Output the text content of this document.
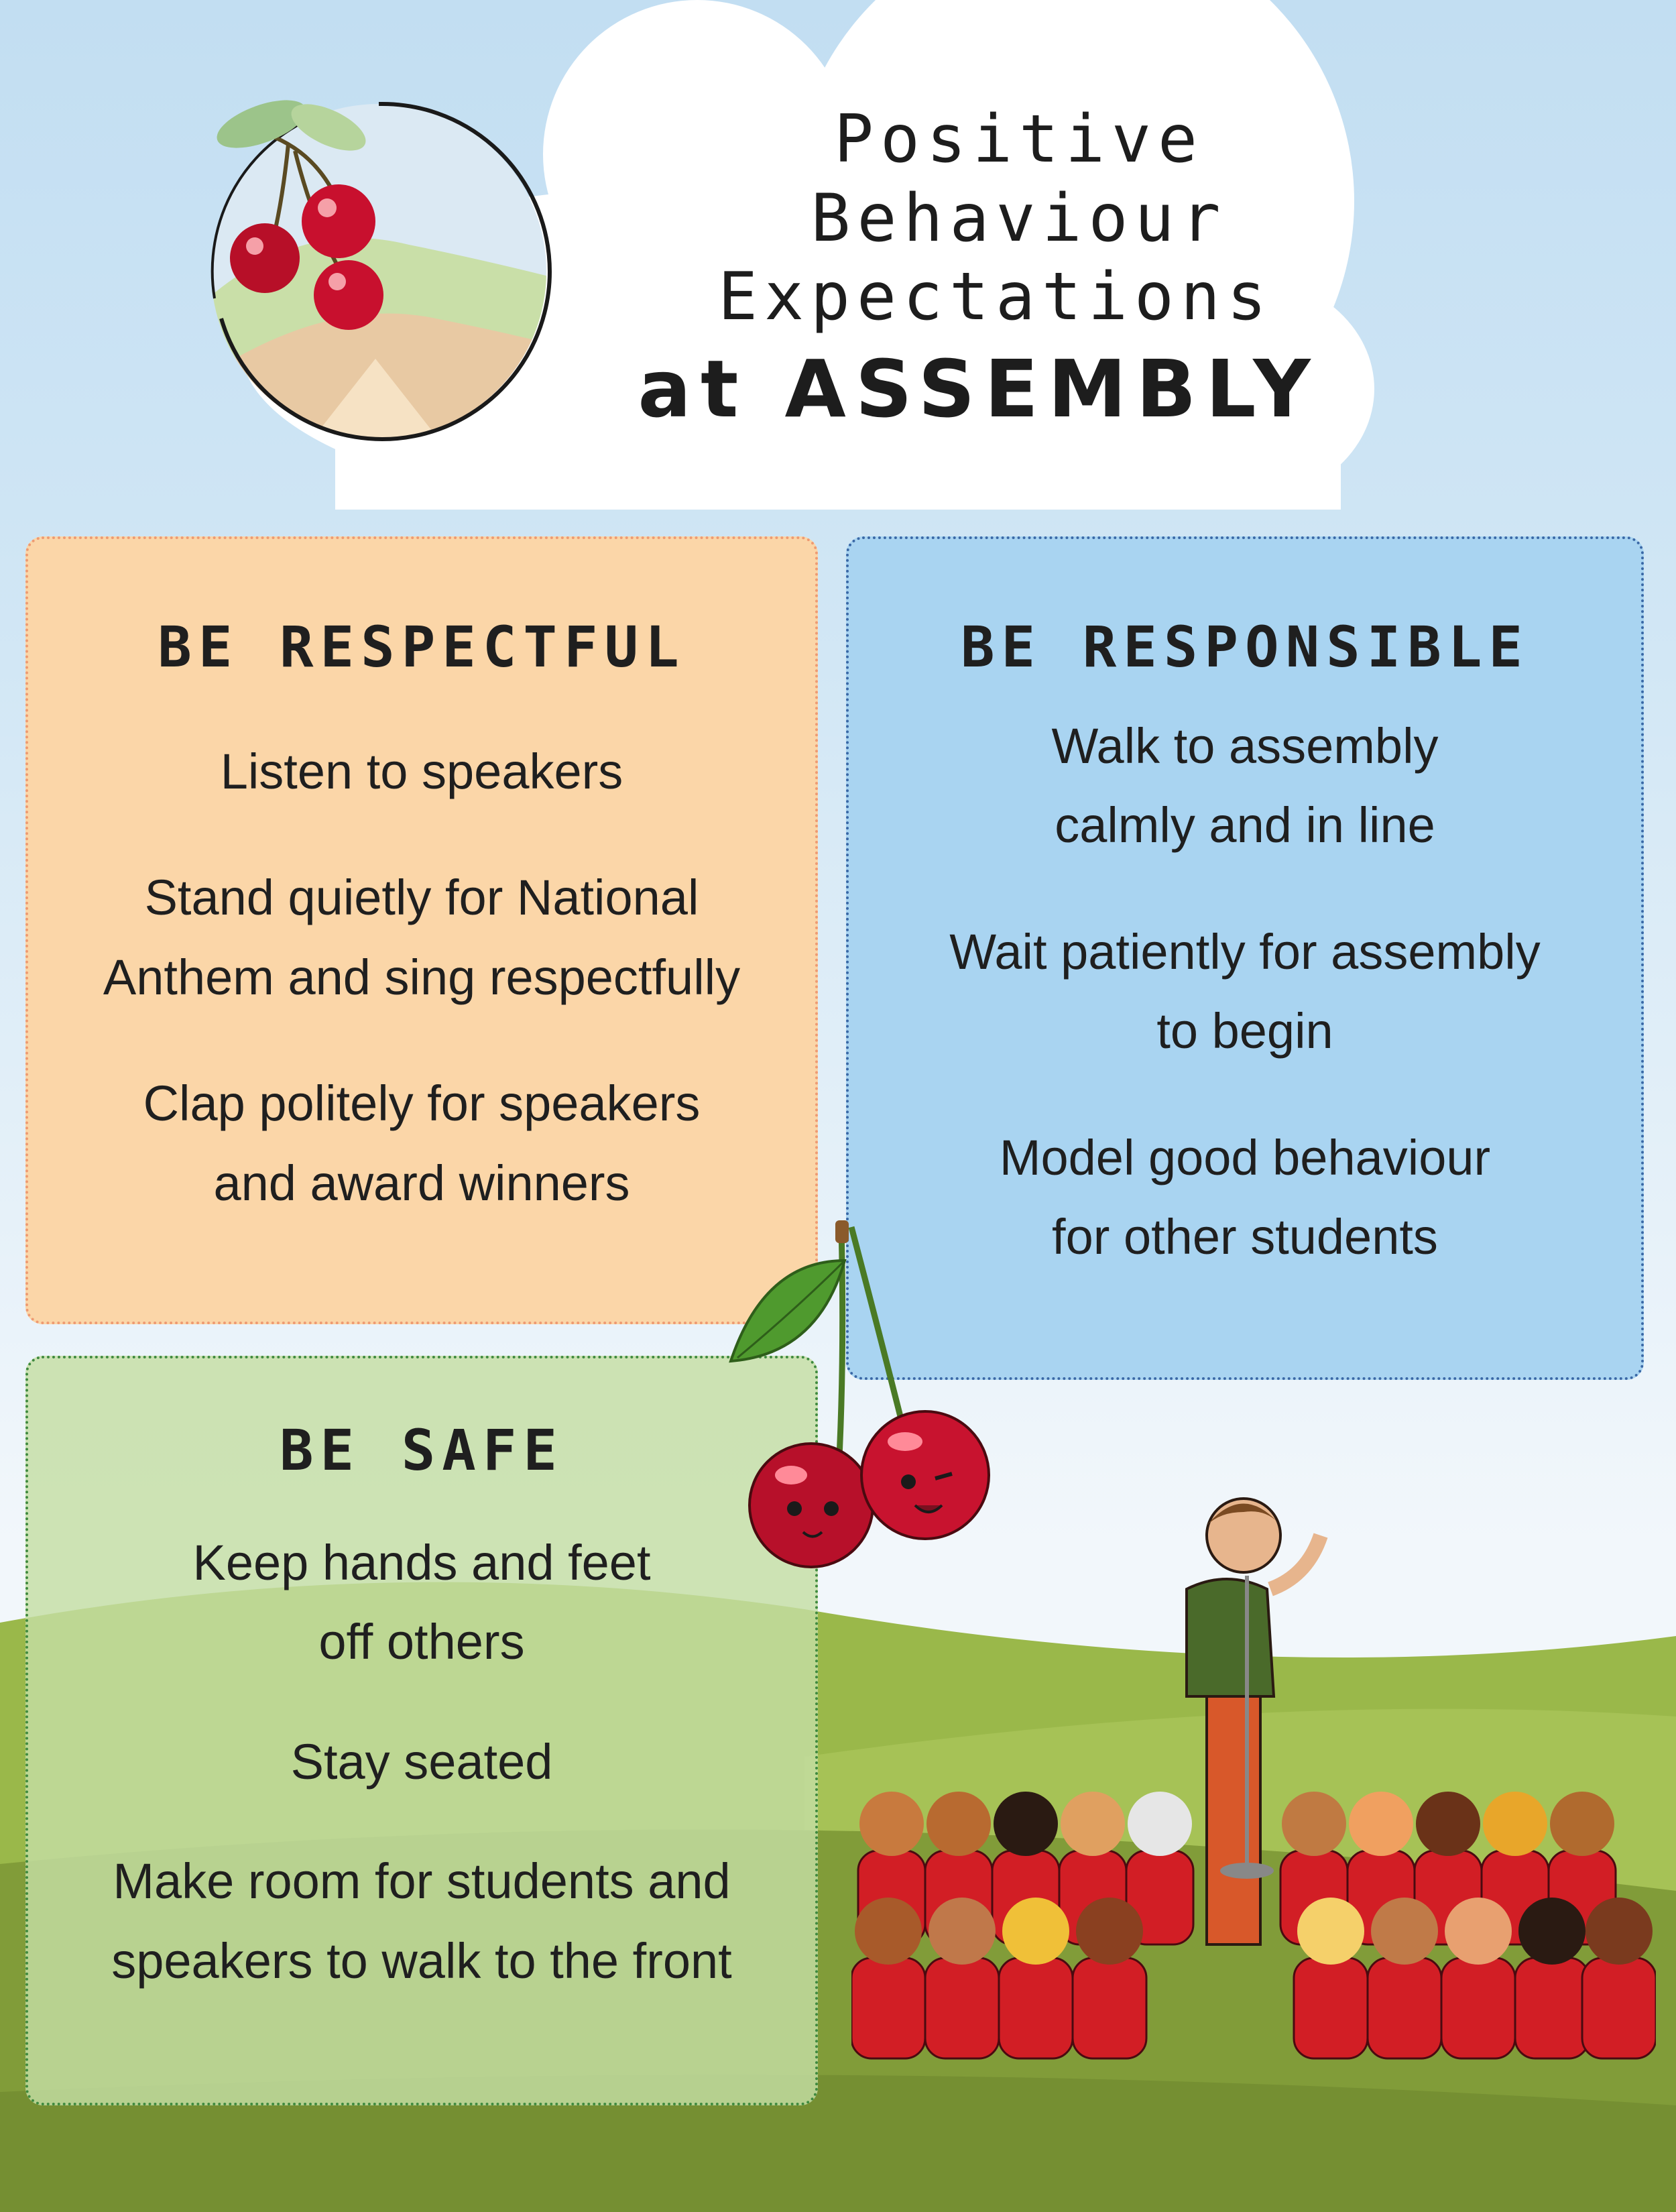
Positive Behaviour
Expectations
at ASSEMBLY
BE RESPECTFUL

Listen to speakers

Stand quietly for National
Anthem and sing respectfully

Clap politely for speakers
and award winners

BE RESPONSIBLE

Walk to assembly
calmly and in line

Wait patiently for assembly
to begin

Model good behaviour
for other students

BE SAFE

Keep hands and feet
off others

Stay seated

Make room for students and
speakers to walk to the front
